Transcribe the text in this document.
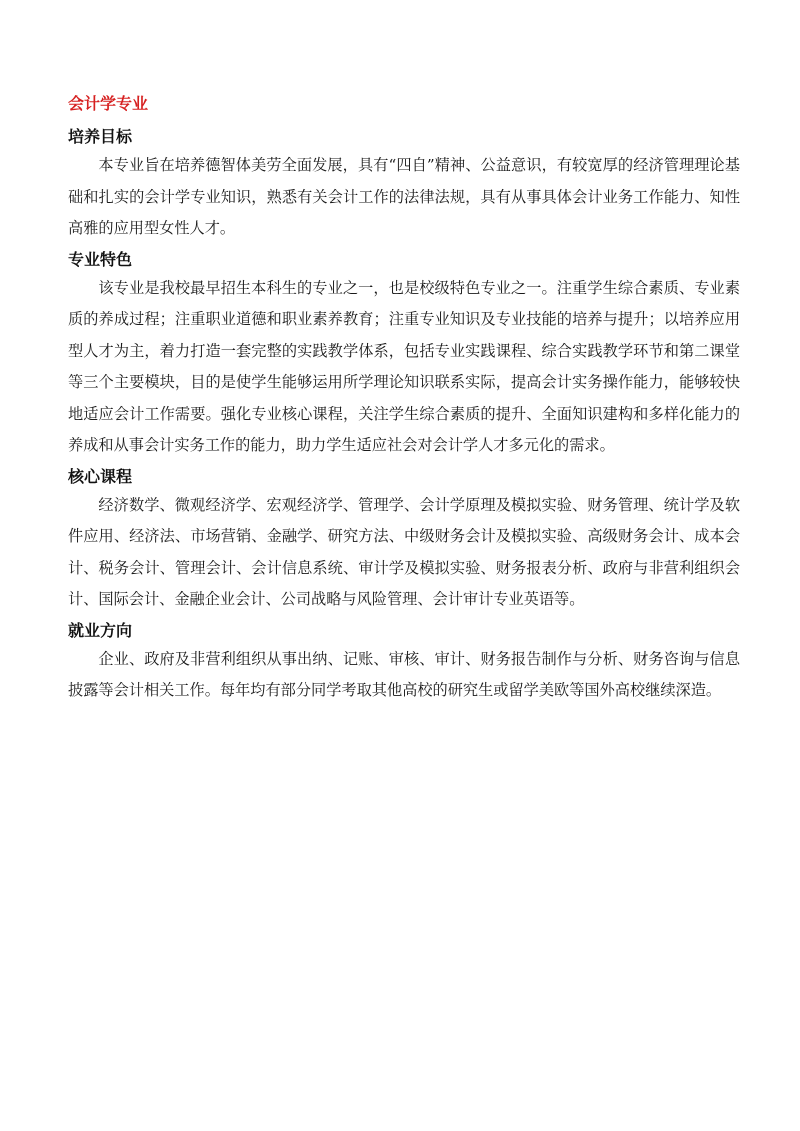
会计学专业
培养目标

本专业旨在培养德智体美劳全面发展，具有“四自”精神、公益意识，有较宽厚的经济管理理论基础和扎实的会计学专业知识，熟悉有关会计工作的法律法规，具有从事具体会计业务工作能力、知性高雅的应用型女性人才。

专业特色

该专业是我校最早招生本科生的专业之一，也是校级特色专业之一。注重学生综合素质、专业素质的养成过程；注重职业道德和职业素养教育；注重专业知识及专业技能的培养与提升；以培养应用型人才为主，着力打造一套完整的实践教学体系，包括专业实践课程、综合实践教学环节和第二课堂等三个主要模块，目的是使学生能够运用所学理论知识联系实际，提高会计实务操作能力，能够较快地适应会计工作需要。强化专业核心课程，关注学生综合素质的提升、全面知识建构和多样化能力的养成和从事会计实务工作的能力，助力学生适应社会对会计学人才多元化的需求。

核心课程

经济数学、微观经济学、宏观经济学、管理学、会计学原理及模拟实验、财务管理、统计学及软件应用、经济法、市场营销、金融学、研究方法、中级财务会计及模拟实验、高级财务会计、成本会计、税务会计、管理会计、会计信息系统、审计学及模拟实验、财务报表分析、政府与非营利组织会计、国际会计、金融企业会计、公司战略与风险管理、会计审计专业英语等。

就业方向

企业、政府及非营利组织从事出纳、记账、审核、审计、财务报告制作与分析、财务咨询与信息披露等会计相关工作。每年均有部分同学考取其他高校的研究生或留学美欧等国外高校继续深造。
